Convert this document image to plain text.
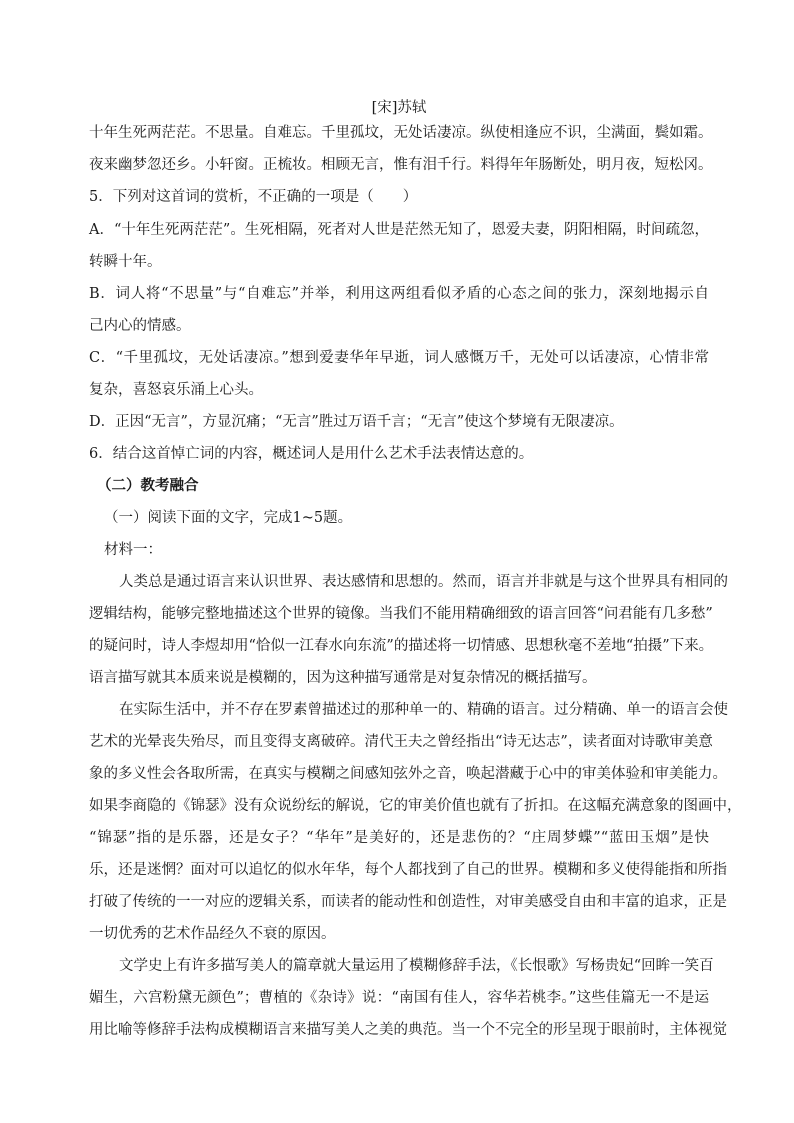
[宋]苏轼
十年生死两茫茫。不思量。自难忘。千里孤坟，无处话凄凉。纵使相逢应不识，尘满面，鬓如霜。
夜来幽梦忽还乡。小轩窗。正梳妆。相顾无言，惟有泪千行。料得年年肠断处，明月夜，短松冈。
5．下列对这首词的赏析，不正确的一项是（　　）
A．“十年生死两茫茫”。生死相隔，死者对人世是茫然无知了，恩爱夫妻，阴阳相隔，时间疏忽，
转瞬十年。
B．词人将“不思量”与“自难忘”并举，利用这两组看似矛盾的心态之间的张力，深刻地揭示自
己内心的情感。
C．“千里孤坟，无处话凄凉。”想到爱妻华年早逝，词人感慨万千，无处可以话凄凉，心情非常
复杂，喜怒哀乐涌上心头。
D．正因“无言”，方显沉痛；“无言”胜过万语千言；“无言”使这个梦境有无限凄凉。
6．结合这首悼亡词的内容，概述词人是用什么艺术手法表情达意的。
（二）教考融合
（一）阅读下面的文字，完成1~5题。
材料一：
人类总是通过语言来认识世界、表达感情和思想的。然而，语言并非就是与这个世界具有相同的
逻辑结构，能够完整地描述这个世界的镜像。当我们不能用精确细致的语言回答“问君能有几多愁”
的疑问时，诗人李煜却用“恰似一江春水向东流”的描述将一切情感、思想秋毫不差地“拍摄”下来。
语言描写就其本质来说是模糊的，因为这种描写通常是对复杂情况的概括描写。
在实际生活中，并不存在罗素曾描述过的那种单一的、精确的语言。过分精确、单一的语言会使
艺术的光晕丧失殆尽，而且变得支离破碎。清代王夫之曾经指出“诗无达志”，读者面对诗歌审美意
象的多义性会各取所需，在真实与模糊之间感知弦外之音，唤起潜藏于心中的审美体验和审美能力。
如果李商隐的《锦瑟》没有众说纷纭的解说，它的审美价值也就有了折扣。在这幅充满意象的图画中，
“锦瑟”指的是乐器，还是女子？“华年”是美好的，还是悲伤的？“庄周梦蝶”“蓝田玉烟”是快
乐，还是迷惘？面对可以追忆的似水年华，每个人都找到了自己的世界。模糊和多义使得能指和所指
打破了传统的一一对应的逻辑关系，而读者的能动性和创造性，对审美感受自由和丰富的追求，正是
一切优秀的艺术作品经久不衰的原因。
文学史上有许多描写美人的篇章就大量运用了模糊修辞手法，《长恨歌》写杨贵妃“回眸一笑百
媚生，六宫粉黛无颜色”；曹植的《杂诗》说：“南国有佳人，容华若桃李。”这些佳篇无一不是运
用比喻等修辞手法构成模糊语言来描写美人之美的典范。当一个不完全的形呈现于眼前时，主体视觉
